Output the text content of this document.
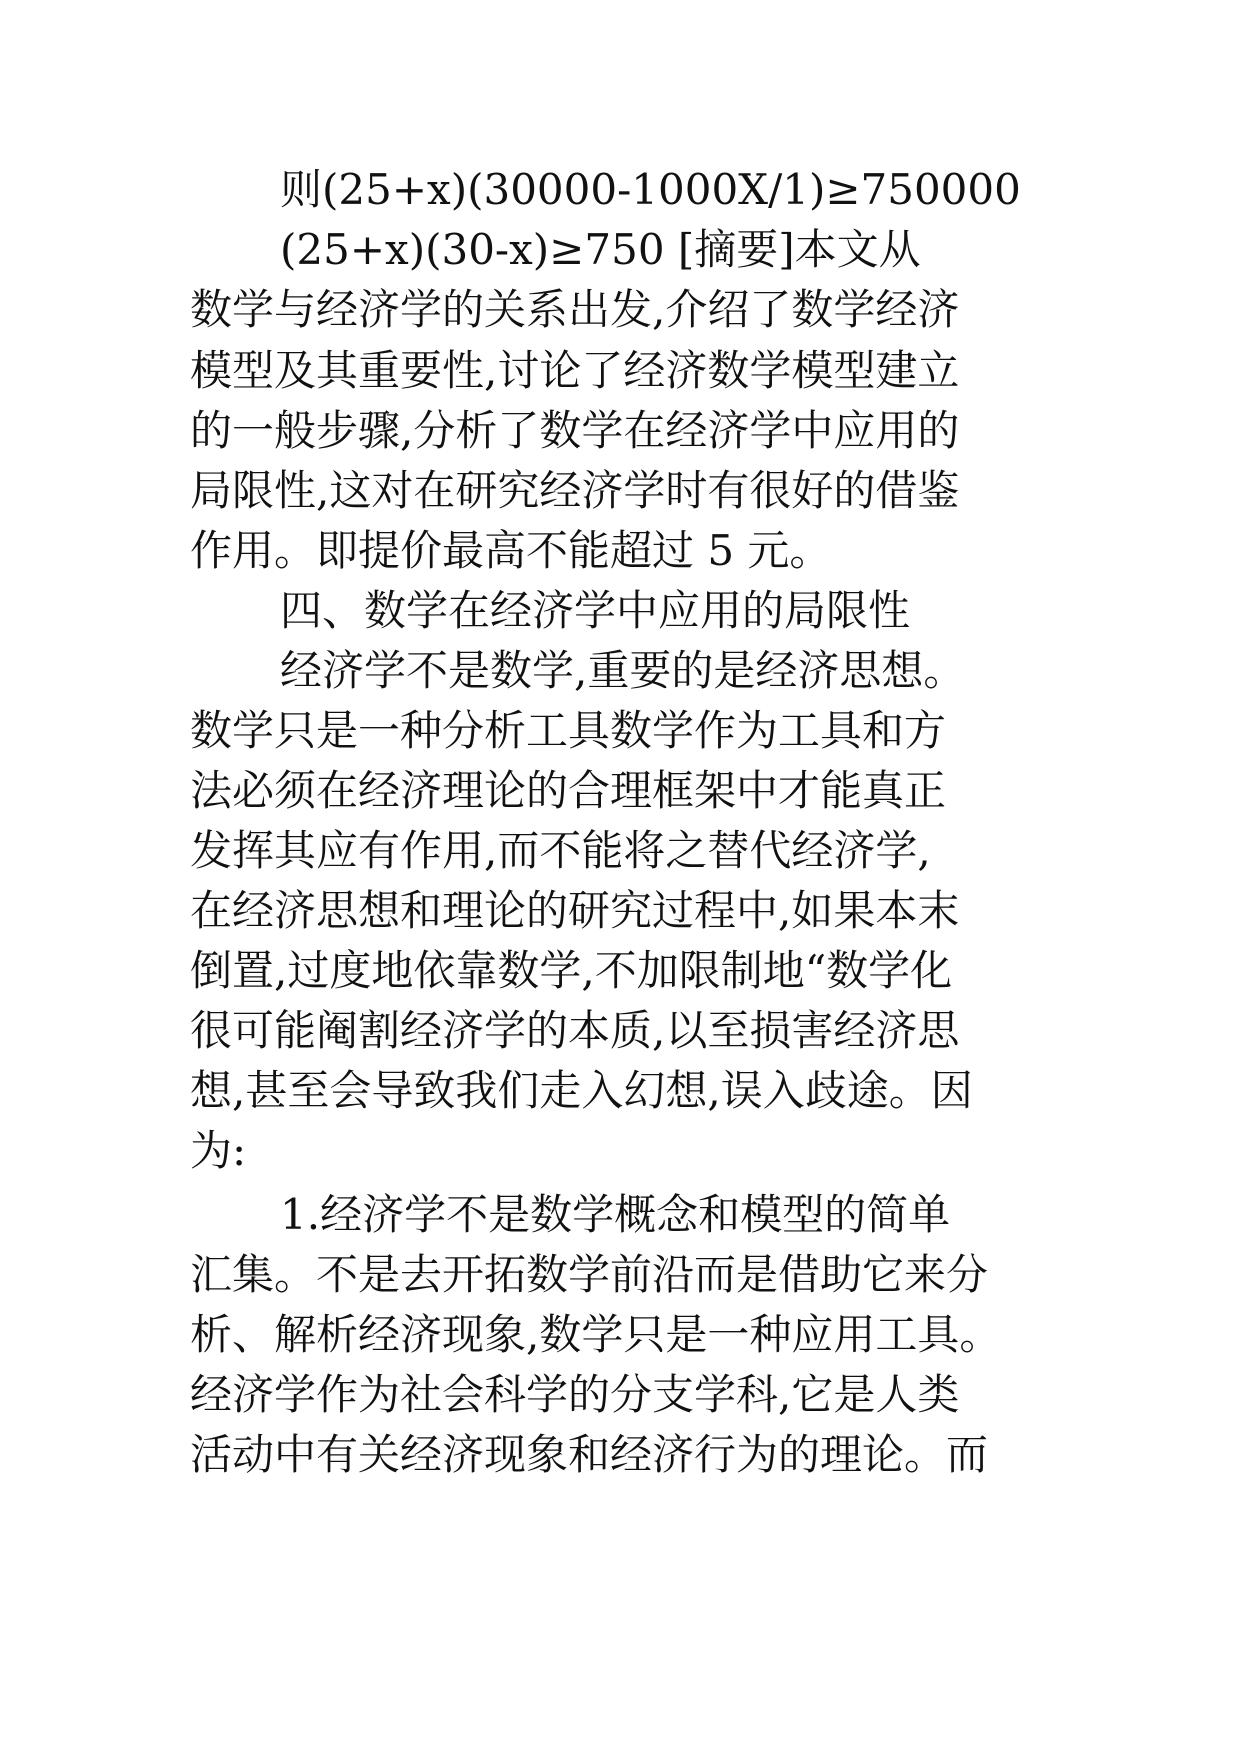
则(25+x)(30000-1000X/1)≥750000
(25+x)(30-x)≥750 [摘要]本文从
数学与经济学的关系出发,介绍了数学经济
模型及其重要性,讨论了经济数学模型建立
的一般步骤,分析了数学在经济学中应用的
局限性,这对在研究经济学时有很好的借鉴
作用。即提价最高不能超过 5 元。
四、数学在经济学中应用的局限性
经济学不是数学,重要的是经济思想。
数学只是一种分析工具数学作为工具和方
法必须在经济理论的合理框架中才能真正
发挥其应有作用,而不能将之替代经济学,
在经济思想和理论的研究过程中,如果本末
倒置,过度地依靠数学,不加限制地“数学化
很可能阉割经济学的本质,以至损害经济思
想,甚至会导致我们走入幻想,误入歧途。因
为:
1.经济学不是数学概念和模型的简单
汇集。不是去开拓数学前沿而是借助它来分
析、解析经济现象,数学只是一种应用工具。
经济学作为社会科学的分支学科,它是人类
活动中有关经济现象和经济行为的理论。而
